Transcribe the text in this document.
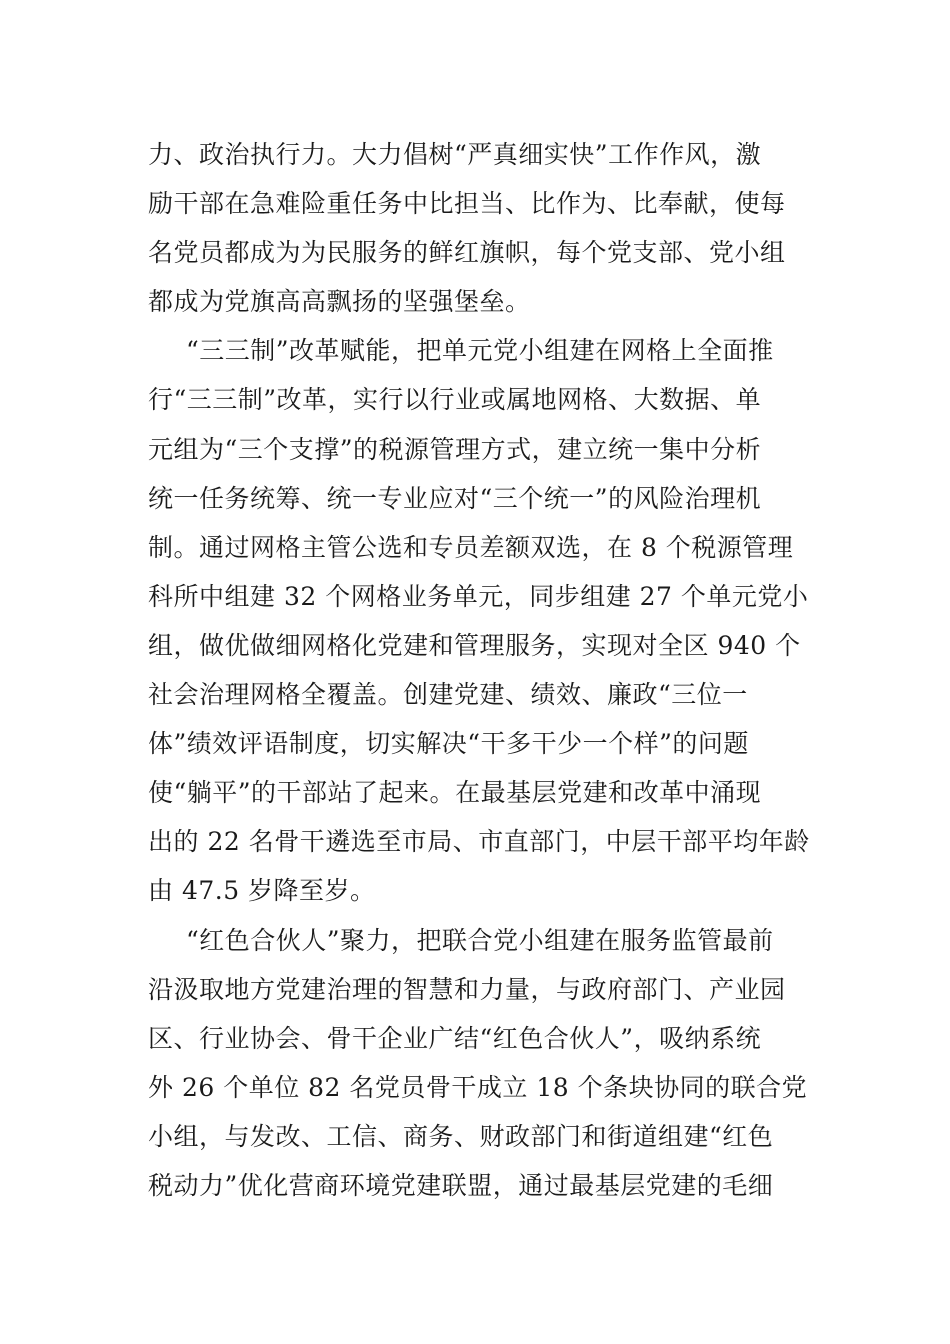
力、政治执行力。大力倡树“严真细实快”工作作风，激
励干部在急难险重任务中比担当、比作为、比奉献，使每
名党员都成为为民服务的鲜红旗帜，每个党支部、党小组
都成为党旗高高飘扬的坚强堡垒。
“三三制”改革赋能，把单元党小组建在网格上全面推
行“三三制”改革，实行以行业或属地网格、大数据、单
元组为“三个支撑”的税源管理方式，建立统一集中分析
统一任务统筹、统一专业应对“三个统一”的风险治理机
制。通过网格主管公选和专员差额双选，在 8 个税源管理
科所中组建 32 个网格业务单元，同步组建 27 个单元党小
组，做优做细网格化党建和管理服务，实现对全区 940 个
社会治理网格全覆盖。创建党建、绩效、廉政“三位一
体”绩效评语制度，切实解决“干多干少一个样”的问题
使“躺平”的干部站了起来。在最基层党建和改革中涌现
出的 22 名骨干遴选至市局、市直部门，中层干部平均年龄
由 47.5 岁降至岁。
“红色合伙人”聚力，把联合党小组建在服务监管最前
沿汲取地方党建治理的智慧和力量，与政府部门、产业园
区、行业协会、骨干企业广结“红色合伙人”，吸纳系统
外 26 个单位 82 名党员骨干成立 18 个条块协同的联合党
小组，与发改、工信、商务、财政部门和街道组建“红色
税动力”优化营商环境党建联盟，通过最基层党建的毛细
